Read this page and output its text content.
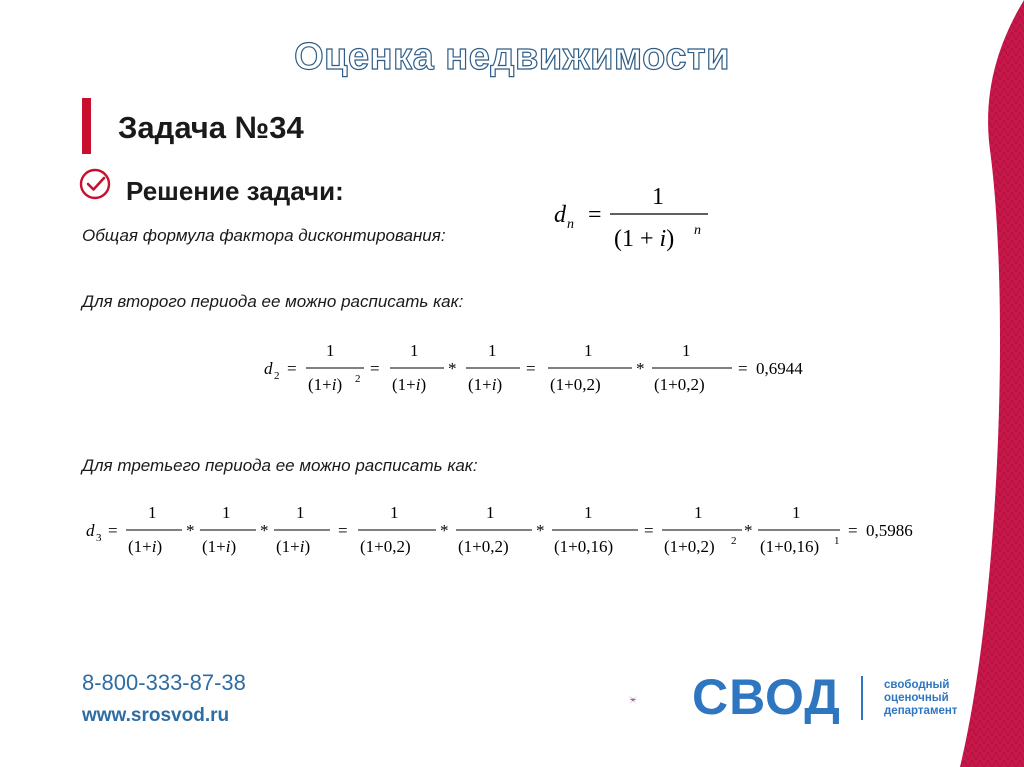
Оценка недвижимости
Задача №34
Решение задачи:
Общая формула фактора дисконтирования:
d n =
1
(1 + i) n
Для второго периода ее можно расписать как:
d 2 =
1
(1+i) 2
=
1
(1+i)
*
1
(1+i)
=
1
(1+0,2)
*
1
(1+0,2)
= 0,6944
Для третьего периода ее можно расписать как:
d 3 =
1
(1+i)
*
1
(1+i)
*
1
(1+i)
=
1
(1+0,2)
*
1
(1+0,2)
*
1
(1+0,16)
=
1
(1+0,2) 2
*
1
(1+0,16) 1
= 0,5986
8-800-333-87-38
www.srosvod.ru	СВОД	свободный
оценочный
департамент
